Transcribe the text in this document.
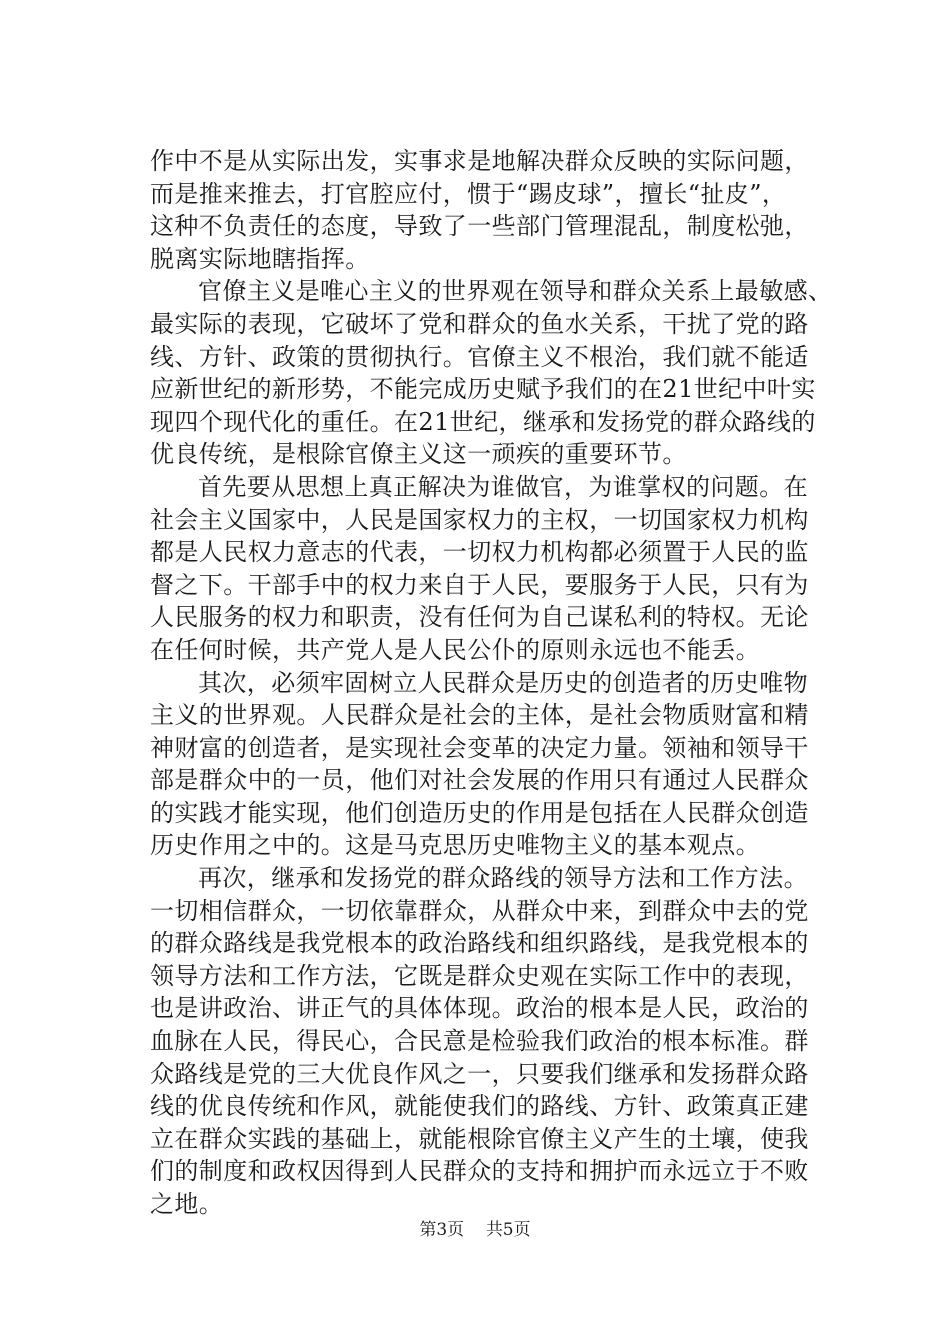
作中不是从实际出发，实事求是地解决群众反映的实际问题，
而是推来推去，打官腔应付，惯于“踢皮球”，擅长“扯皮”，
这种不负责任的态度，导致了一些部门管理混乱，制度松弛，
脱离实际地瞎指挥。
官僚主义是唯心主义的世界观在领导和群众关系上最敏感、
最实际的表现，它破坏了党和群众的鱼水关系，干扰了党的路
线、方针、政策的贯彻执行。官僚主义不根治，我们就不能适
应新世纪的新形势，不能完成历史赋予我们的在21世纪中叶实
现四个现代化的重任。在21世纪，继承和发扬党的群众路线的
优良传统，是根除官僚主义这一顽疾的重要环节。
首先要从思想上真正解决为谁做官，为谁掌权的问题。在
社会主义国家中，人民是国家权力的主权，一切国家权力机构
都是人民权力意志的代表，一切权力机构都必须置于人民的监
督之下。干部手中的权力来自于人民，要服务于人民，只有为
人民服务的权力和职责，没有任何为自己谋私利的特权。无论
在任何时候，共产党人是人民公仆的原则永远也不能丢。
其次，必须牢固树立人民群众是历史的创造者的历史唯物
主义的世界观。人民群众是社会的主体，是社会物质财富和精
神财富的创造者，是实现社会变革的决定力量。领袖和领导干
部是群众中的一员，他们对社会发展的作用只有通过人民群众
的实践才能实现，他们创造历史的作用是包括在人民群众创造
历史作用之中的。这是马克思历史唯物主义的基本观点。
再次，继承和发扬党的群众路线的领导方法和工作方法。
一切相信群众，一切依靠群众，从群众中来，到群众中去的党
的群众路线是我党根本的政治路线和组织路线，是我党根本的
领导方法和工作方法，它既是群众史观在实际工作中的表现，
也是讲政治、讲正气的具体体现。政治的根本是人民，政治的
血脉在人民，得民心，合民意是检验我们政治的根本标准。群
众路线是党的三大优良作风之一，只要我们继承和发扬群众路
线的优良传统和作风，就能使我们的路线、方针、政策真正建
立在群众实践的基础上，就能根除官僚主义产生的土壤，使我
们的制度和政权因得到人民群众的支持和拥护而永远立于不败
之地。
第3页 共5页
